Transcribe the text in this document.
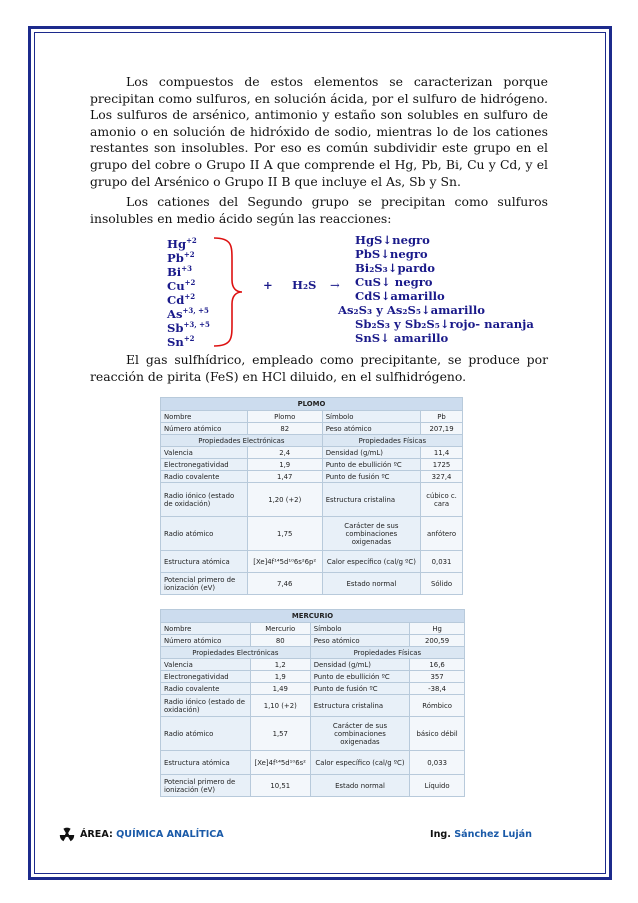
Los compuestos de estos elementos se caracterizan porque precipitan como sulfuros, en solución ácida, por el sulfuro de hidrógeno. Los sulfuros de arsénico, antimonio y estaño son solubles en sulfuro de amonio o en solución de hidróxido de sodio, mientras lo de los cationes restantes son insolubles. Por eso es común subdividir este grupo en el grupo del cobre o Grupo II A que comprende el Hg, Pb, Bi, Cu y Cd, y el grupo del Arsénico o Grupo II B que incluye el As, Sb y Sn.

Los cationes del Segundo grupo se precipitan como sulfuros insolubles en medio ácido según las reacciones:

$Hg^{+2}$
$Pb^{+2}$
$Bi^{+3}$
$Cu^{+2}$
$Cd^{+2}$
$As^{+3, +5}$
$Sb^{+3, +5}$
$Sn^{+2}$
+ H₂S →
HgS↓negro
PbS↓negro
Bi₂S₃↓pardo
CuS↓ negro
CdS↓amarillo
As₂S₃ y As₂S₅↓amarillo
Sb₂S₃ y Sb₂S₅↓rojo- naranja
SnS↓ amarillo

El gas sulfhídrico, empleado como precipitante, se produce por reacción de pirita (FeS) en HCl diluido, en el sulfhidrógeno.

PLOMO			
Nombre	Plomo	Símbolo	Pb
Número atómico	82	Peso atómico	207,19
Propiedades Electrónicas		Propiedades Físicas	
Valencia	2,4	Densidad (g/mL)	11,4
Electronegatividad	1,9	Punto de ebullición ºC	1725
Radio covalente	1,47	Punto de fusión ºC	327,4
Radio iónico (estado de oxidación)	1,20 (+2)	Estructura cristalina	cúbico c. cara
Radio atómico	1,75	Carácter de sus combinaciones oxigenadas	anfótero
Estructura atómica	[Xe]4f¹⁴5d¹⁰6s²6p²	Calor específico (cal/g ºC)	0,031
Potencial primero de ionización (eV)	7,46	Estado normal	Sólido
MERCURIO			
Nombre	Mercurio	Símbolo	Hg
Número atómico	80	Peso atómico	200,59
Propiedades Electrónicas		Propiedades Físicas	
Valencia	1,2	Densidad (g/mL)	16,6
Electronegatividad	1,9	Punto de ebullición ºC	357
Radio covalente	1,49	Punto de fusión ºC	-38,4
Radio iónico (estado de oxidación)	1,10 (+2)	Estructura cristalina	Rómbico
Radio atómico	1,57	Carácter de sus combinaciones oxigenadas	básico débil
Estructura atómica	[Xe]4f¹⁴5d¹⁰6s²	Calor específico (cal/g ºC)	0,033
Potencial primero de ionización (eV)	10,51	Estado normal	Líquido
ÁREA: QUÍMICA ANALÍTICA	Ing. Sánchez Luján
